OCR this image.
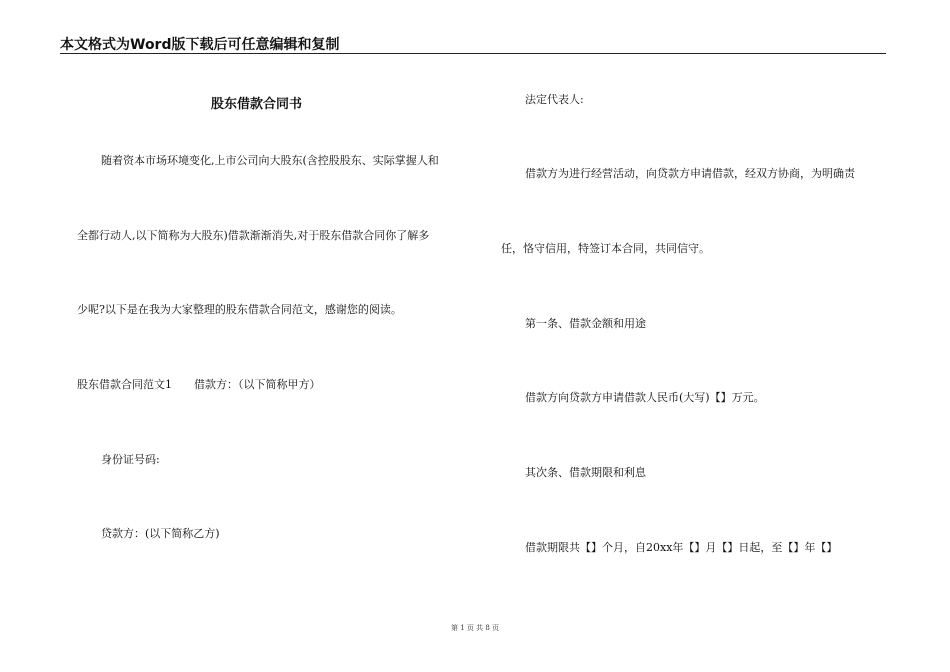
本文格式为Word版下载后可任意编辑和复制
股东借款合同书
随着资本市场环境变化,上市公司向大股东(含控股股东、实际掌握人和
全都行动人,以下简称为大股东)借款渐渐消失,对于股东借款合同你了解多
少呢?以下是在我为大家整理的股东借款合同范文，感谢您的阅读。
股东借款合同范文1　　借款方：（以下简称甲方）
身份证号码:
贷款方：(以下简称乙方)
法定代表人:
借款方为进行经营活动，向贷款方申请借款，经双方协商，为明确责
任，恪守信用，特签订本合同，共同信守。
第一条、借款金额和用途
借款方向贷款方申请借款人民币(大写)【】万元。
其次条、借款期限和利息
借款期限共【】个月，自20xx年【】月【】日起，至【】年【】
第 1 页 共 8 页
